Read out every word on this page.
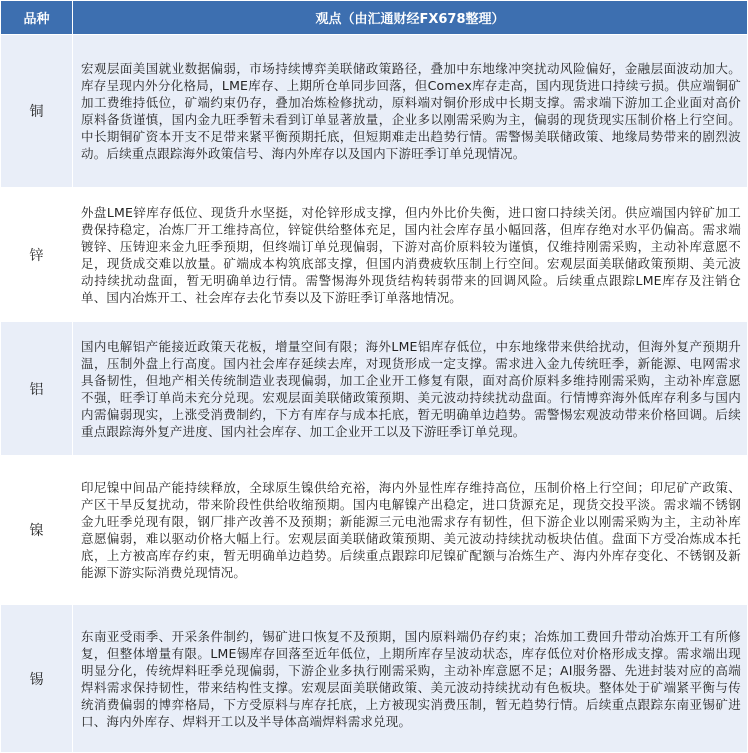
品种	观点（由汇通财经FX678整理）
铜	宏观层面美国就业数据偏弱，市场持续博弈美联储政策路径，叠加中东地缘冲突扰动风险偏好，金融层面波动加大。库存呈现内外分化格局，LME库存、上期所仓单同步回落，但Comex库存走高，国内现货进口持续亏损。供应端铜矿加工费维持低位，矿端约束仍存，叠加冶炼检修扰动，原料端对铜价形成中长期支撑。需求端下游加工企业面对高价原料备货谨慎，国内金九旺季暂未看到订单显著放量，企业多以刚需采购为主，偏弱的现货现实压制价格上行空间。中长期铜矿资本开支不足带来紧平衡预期托底，但短期难走出趋势行情。需警惕美联储政策、地缘局势带来的剧烈波动。后续重点跟踪海外政策信号、海内外库存以及国内下游旺季订单兑现情况。
锌	外盘LME锌库存低位、现货升水坚挺，对伦锌形成支撑，但内外比价失衡，进口窗口持续关闭。供应端国内锌矿加工费保持稳定，冶炼厂开工维持高位，锌锭供给整体充足，国内社会库存虽小幅回落，但库存绝对水平仍偏高。需求端镀锌、压铸迎来金九旺季预期，但终端订单兑现偏弱，下游对高价原料较为谨慎，仅维持刚需采购，主动补库意愿不足，现货成交难以放量。矿端成本构筑底部支撑，但国内消费疲软压制上行空间。宏观层面美联储政策预期、美元波动持续扰动盘面，暂无明确单边行情。需警惕海外现货结构转弱带来的回调风险。后续重点跟踪LME库存及注销仓单、国内冶炼开工、社会库存去化节奏以及下游旺季订单落地情况。
铝	国内电解铝产能接近政策天花板，增量空间有限；海外LME铝库存低位，中东地缘带来供给扰动，但海外复产预期升温，压制外盘上行高度。国内社会库存延续去库，对现货形成一定支撑。需求进入金九传统旺季，新能源、电网需求具备韧性，但地产相关传统制造业表现偏弱，加工企业开工修复有限，面对高价原料多维持刚需采购，主动补库意愿不强，旺季订单尚未充分兑现。宏观层面美联储政策预期、美元波动持续扰动盘面。行情博弈海外低库存利多与国内内需偏弱现实，上涨受消费制约，下方有库存与成本托底，暂无明确单边趋势。需警惕宏观波动带来价格回调。后续重点跟踪海外复产进度、国内社会库存、加工企业开工以及下游旺季订单兑现。
镍	印尼镍中间品产能持续释放，全球原生镍供给充裕，海内外显性库存维持高位，压制价格上行空间；印尼矿产政策、产区干旱反复扰动，带来阶段性供给收缩预期。国内电解镍产出稳定，进口货源充足，现货交投平淡。需求端不锈钢金九旺季兑现有限，钢厂排产改善不及预期；新能源三元电池需求存有韧性，但下游企业以刚需采购为主，主动补库意愿偏弱，难以驱动价格大幅上行。宏观层面美联储政策预期、美元波动持续扰动板块估值。盘面下方受冶炼成本托底，上方被高库存约束，暂无明确单边趋势。后续重点跟踪印尼镍矿配额与冶炼生产、海内外库存变化、不锈钢及新能源下游实际消费兑现情况。
锡	东南亚受雨季、开采条件制约，锡矿进口恢复不及预期，国内原料端仍存约束；冶炼加工费回升带动冶炼开工有所修复，但整体增量有限。LME锡库存回落至近年低位，上期所库存呈波动状态，库存低位对价格形成支撑。需求端出现明显分化，传统焊料旺季兑现偏弱，下游企业多执行刚需采购，主动补库意愿不足；AI服务器、先进封装对应的高端焊料需求保持韧性，带来结构性支撑。宏观层面美联储政策、美元波动持续扰动有色板块。整体处于矿端紧平衡与传统消费偏弱的博弈格局，下方受原料与库存托底，上方被现实消费压制，暂无趋势行情。后续重点跟踪东南亚锡矿进口、海内外库存、焊料开工以及半导体高端焊料需求兑现。
